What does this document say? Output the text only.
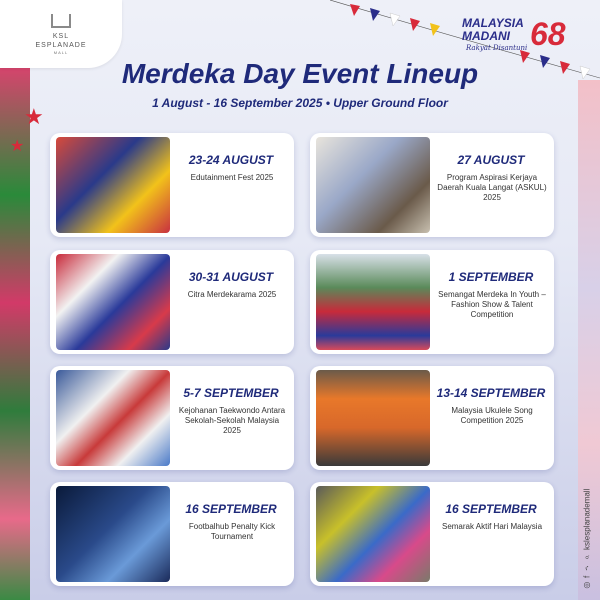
★
★
KSL
ESPLANADE
MALL
MALAYSIA
MADANI
Rakyat Disantuni 68
Merdeka Day Event Lineup
1 August - 16 September 2025 • Upper Ground Floor
23-24 AUGUST
Edutainment Fest 2025
27 AUGUST
Program Aspirasi Kerjaya Daerah Kuala Langat (ASKUL) 2025
30-31 AUGUST
Citra Merdekarama 2025
1 SEPTEMBER
Semangat Merdeka In Youth – Fashion Show & Talent Competition
5-7 SEPTEMBER
Kejohanan Taekwondo Antara Sekolah-Sekolah Malaysia 2025
13-14 SEPTEMBER
Malaysia Ukulele Song Competition 2025
16 SEPTEMBER
Footbalhub Penalty Kick Tournament
16 SEPTEMBER
Semarak Aktif Hari Malaysia
◎
f
♪
⌕
kslesplanademall
